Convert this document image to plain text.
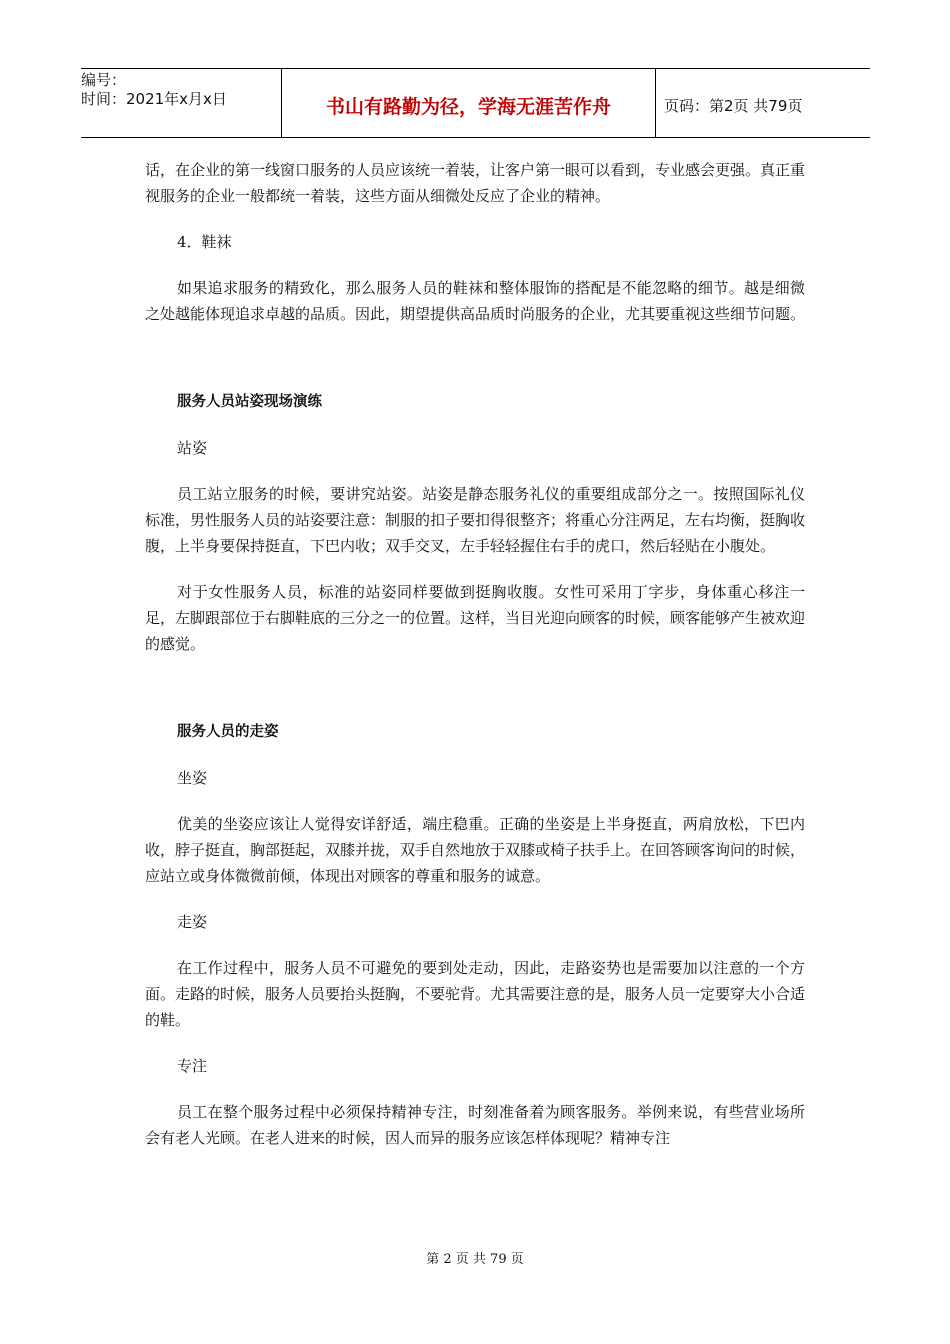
编号：
时间：2021年x月x日	书山有路勤为径，学海无涯苦作舟	页码：第2页 共79页

话，在企业的第一线窗口服务的人员应该统一着装，让客户第一眼可以看到，专业感会更强。真正重视服务的企业一般都统一着装，这些方面从细微处反应了企业的精神。

4．鞋袜

如果追求服务的精致化，那么服务人员的鞋袜和整体服饰的搭配是不能忽略的细节。越是细微之处越能体现追求卓越的品质。因此，期望提供高品质时尚服务的企业，尤其要重视这些细节问题。

服务人员站姿现场演练

站姿

员工站立服务的时候，要讲究站姿。站姿是静态服务礼仪的重要组成部分之一。按照国际礼仪标准，男性服务人员的站姿要注意：制服的扣子要扣得很整齐；将重心分注两足，左右均衡，挺胸收腹，上半身要保持挺直，下巴内收；双手交叉，左手轻轻握住右手的虎口，然后轻贴在小腹处。

对于女性服务人员，标准的站姿同样要做到挺胸收腹。女性可采用丁字步，身体重心移注一足，左脚跟部位于右脚鞋底的三分之一的位置。这样，当目光迎向顾客的时候，顾客能够产生被欢迎的感觉。

服务人员的走姿

坐姿

优美的坐姿应该让人觉得安详舒适，端庄稳重。正确的坐姿是上半身挺直，两肩放松，下巴内收，脖子挺直，胸部挺起，双膝并拢，双手自然地放于双膝或椅子扶手上。在回答顾客询问的时候，应站立或身体微微前倾，体现出对顾客的尊重和服务的诚意。

走姿

在工作过程中，服务人员不可避免的要到处走动，因此，走路姿势也是需要加以注意的一个方面。走路的时候，服务人员要抬头挺胸，不要驼背。尤其需要注意的是，服务人员一定要穿大小合适的鞋。

专注

员工在整个服务过程中必须保持精神专注，时刻准备着为顾客服务。举例来说，有些营业场所会有老人光顾。在老人进来的时候，因人而异的服务应该怎样体现呢？精神专注

第 2 页 共 79 页
